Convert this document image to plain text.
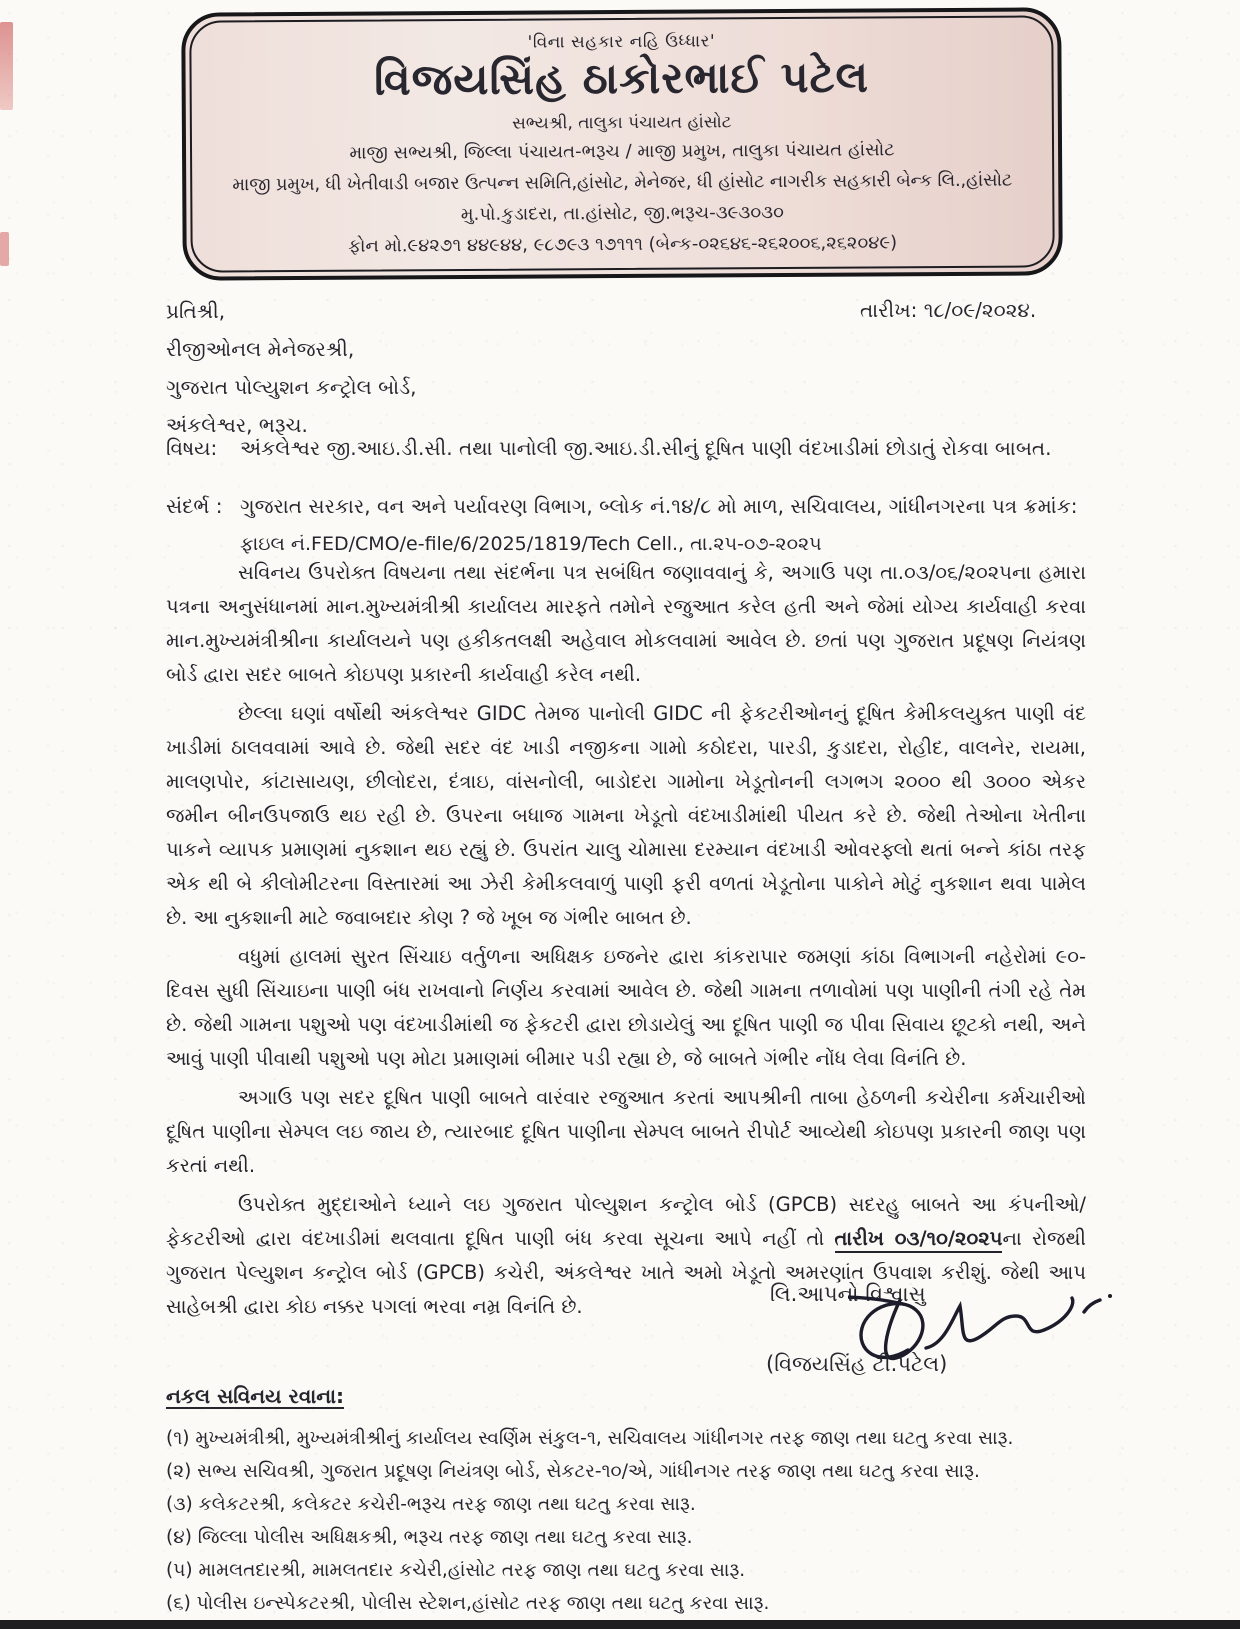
'વિના સહકાર નહિ ઉધ્ધાર'
વિજયસિંહ ઠાકોરભાઈ પટેલ
સભ્યશ્રી, તાલુકા પંચાયત હાંસોટ
માજી સભ્યશ્રી, જિલ્લા પંચાયત-ભરૂચ / માજી પ્રમુખ, તાલુકા પંચાયત હાંસોટ
માજી પ્રમુખ, ધી ખેતીવાડી બજાર ઉત્પન્ન સમિતિ,હાંસોટ, મેનેજર, ધી હાંસોટ નાગરીક સહકારી બેન્ક લિ.,હાંસોટ
મુ.પો.કુડાદરા, તા.હાંસોટ, જી.ભરૂચ-૩૯૩૦૩૦
ફોન મો.૯૪૨૭૧ ૪૪૯૪૪, ૯૮૭૯૩ ૧૭૧૧૧ (બેન્ક-૦૨૬૪૬-૨૬૨૦૦૬,૨૬૨૦૪૯)
તારીખ: ૧૮/૦૯/૨૦૨૪.
પ્રતિશ્રી,
રીજીઓનલ મેનેજરશ્રી,
ગુજરાત પોલ્યુશન કન્ટ્રોલ બોર્ડ,
અંકલેશ્વર, ભરૂચ.
વિષય:	અંકલેશ્વર જી.આઇ.ડી.સી. તથા પાનોલી જી.આઇ.ડી.સીનું દૂષિત પાણી વંદખાડીમાં છોડાતું રોકવા બાબત.
સંદર્ભ : ગુજરાત સરકાર, વન અને પર્યાવરણ વિભાગ, બ્લોક નં.૧૪/૮ મો માળ, સચિવાલય, ગાંધીનગરના પત્ર ક્રમાંક:
ફાઇલ નં.FED/CMO/e-file/6/2025/1819/Tech Cell., તા.૨૫-૦૭-૨૦૨૫

સવિનય ઉપરોક્ત વિષયના તથા સંદર્ભના પત્ર સબંધિત જણાવવાનું કે, અગાઉ પણ તા.૦૩/૦૬/૨૦૨૫ના હમારા પત્રના અનુસંધાનમાં માન.મુખ્યમંત્રીશ્રી કાર્યાલય મારફતે તમોને રજુઆત કરેલ હતી અને જેમાં યોગ્ય કાર્યવાહી કરવા માન.મુખ્યમંત્રીશ્રીના કાર્યાલયને પણ હકીકતલક્ષી અહેવાલ મોકલવામાં આવેલ છે. છતાં પણ ગુજરાત પ્રદૂષણ નિયંત્રણ બોર્ડ દ્વારા સદર બાબતે કોઇપણ પ્રકારની કાર્યવાહી કરેલ નથી.

છેલ્લા ઘણાં વર્ષોથી અંકલેશ્વર GIDC તેમજ પાનોલી GIDC ની ફેકટરીઓનનું દૂષિત કેમીકલયુક્ત પાણી વંદ ખાડીમાં ઠાલવવામાં આવે છે. જેથી સદર વંદ ખાડી નજીકના ગામો કઠોદરા, પારડી, કુડાદરા, રોહીદ, વાલનેર, રાયમા, માલણપોર, કાંટાસાયણ, છીલોદરા, દંત્રાઇ, વાંસનોલી, બાડોદરા ગામોના ખેડૂતોનની લગભગ ૨૦૦૦ થી ૩૦૦૦ એકર જમીન બીનઉપજાઉ થઇ રહી છે. ઉપરના બધાજ ગામના ખેડૂતો વંદખાડીમાંથી પીયત કરે છે. જેથી તેઓના ખેતીના પાકને વ્યાપક પ્રમાણમાં નુકશાન થઇ રહ્યું છે. ઉપરાંત ચાલુ ચોમાસા દરમ્યાન વંદખાડી ઓવરફ્લો થતાં બન્ને કાંઠા તરફ એક થી બે કીલોમીટરના વિસ્તારમાં આ ઝેરી કેમીકલવાળું પાણી ફરી વળતાં ખેડૂતોના પાકોને મોટું નુકશાન થવા પામેલ છે. આ નુકશાની માટે જવાબદાર કોણ ? જે ખૂબ જ ગંભીર બાબત છે.

વધુમાં હાલમાં સુરત સિંચાઇ વર્તુળના અધિક્ષક ઇજનેર દ્વારા કાંકરાપાર જમણાં કાંઠા વિભાગની નહેરોમાં ૯૦-દિવસ સુધી સિંચાઇના પાણી બંધ રાખવાનો નિર્ણય કરવામાં આવેલ છે. જેથી ગામના તળાવોમાં પણ પાણીની તંગી રહે તેમ છે. જેથી ગામના પશુઓ પણ વંદખાડીમાંથી જ ફેકટરી દ્વારા છોડાયેલું આ દૂષિત પાણી જ પીવા સિવાય છૂટકો નથી, અને આવું પાણી પીવાથી પશુઓ પણ મોટા પ્રમાણમાં બીમાર પડી રહ્યા છે, જે બાબતે ગંભીર નોંધ લેવા વિનંતિ છે.

અગાઉ પણ સદર દૂષિત પાણી બાબતે વારંવાર રજુઆત કરતાં આપશ્રીની તાબા હેઠળની કચેરીના કર્મચારીઓ દૂષિત પાણીના સેમ્પલ લઇ જાય છે, ત્યારબાદ દૂષિત પાણીના સેમ્પલ બાબતે રીપોર્ટ આવ્યેથી કોઇપણ પ્રકારની જાણ પણ કરતાં નથી.

ઉપરોક્ત મુદ્દાઓને ધ્યાને લઇ ગુજરાત પોલ્યુશન કન્ટ્રોલ બોર્ડ (GPCB) સદરહુ બાબતે આ કંપનીઓ/ફેકટરીઓ દ્વારા વંદખાડીમાં થલવાતા દૂષિત પાણી બંધ કરવા સૂચના આપે નહીં તો તારીખ ૦૩/૧૦/૨૦૨૫ના રોજથી ગુજરાત પેલ્યુશન કન્ટ્રોલ બોર્ડ (GPCB) કચેરી, અંકલેશ્વર ખાતે અમો ખેડૂતો અમરણાંત ઉપવાશ કરીશું. જેથી આપ સાહેબશ્રી દ્વારા કોઇ નક્કર પગલાં ભરવા નમ્ર વિનંતિ છે.

લિ.આપનો વિશ્વાસુ
(વિજયસિંહ ટી.પટેલ)
નકલ સવિનય રવાના:
(૧) મુખ્યમંત્રીશ્રી, મુખ્યમંત્રીશ્રીનું કાર્યાલય સ્વર્ણિમ સંકુલ-૧, સચિવાલય ગાંધીનગર તરફ જાણ તથા ઘટતુ કરવા સારૂ.
(૨) સભ્ય સચિવશ્રી, ગુજરાત પ્રદૂષણ નિયંત્રણ બોર્ડ, સેકટર-૧૦/એ, ગાંધીનગર તરફ જાણ તથા ઘટતુ કરવા સારૂ.
(૩) કલેકટરશ્રી, કલેકટર કચેરી-ભરૂચ તરફ જાણ તથા ઘટતુ કરવા સારૂ.
(૪) જિલ્લા પોલીસ અધિક્ષકશ્રી, ભરૂચ તરફ જાણ તથા ઘટતુ કરવા સારૂ.
(૫) મામલતદારશ્રી, મામલતદાર કચેરી,હાંસોટ તરફ જાણ તથા ઘટતુ કરવા સારૂ.
(૬) પોલીસ ઇન્સ્પેકટરશ્રી, પોલીસ સ્ટેશન,હાંસોટ તરફ જાણ તથા ઘટતુ કરવા સારૂ.
